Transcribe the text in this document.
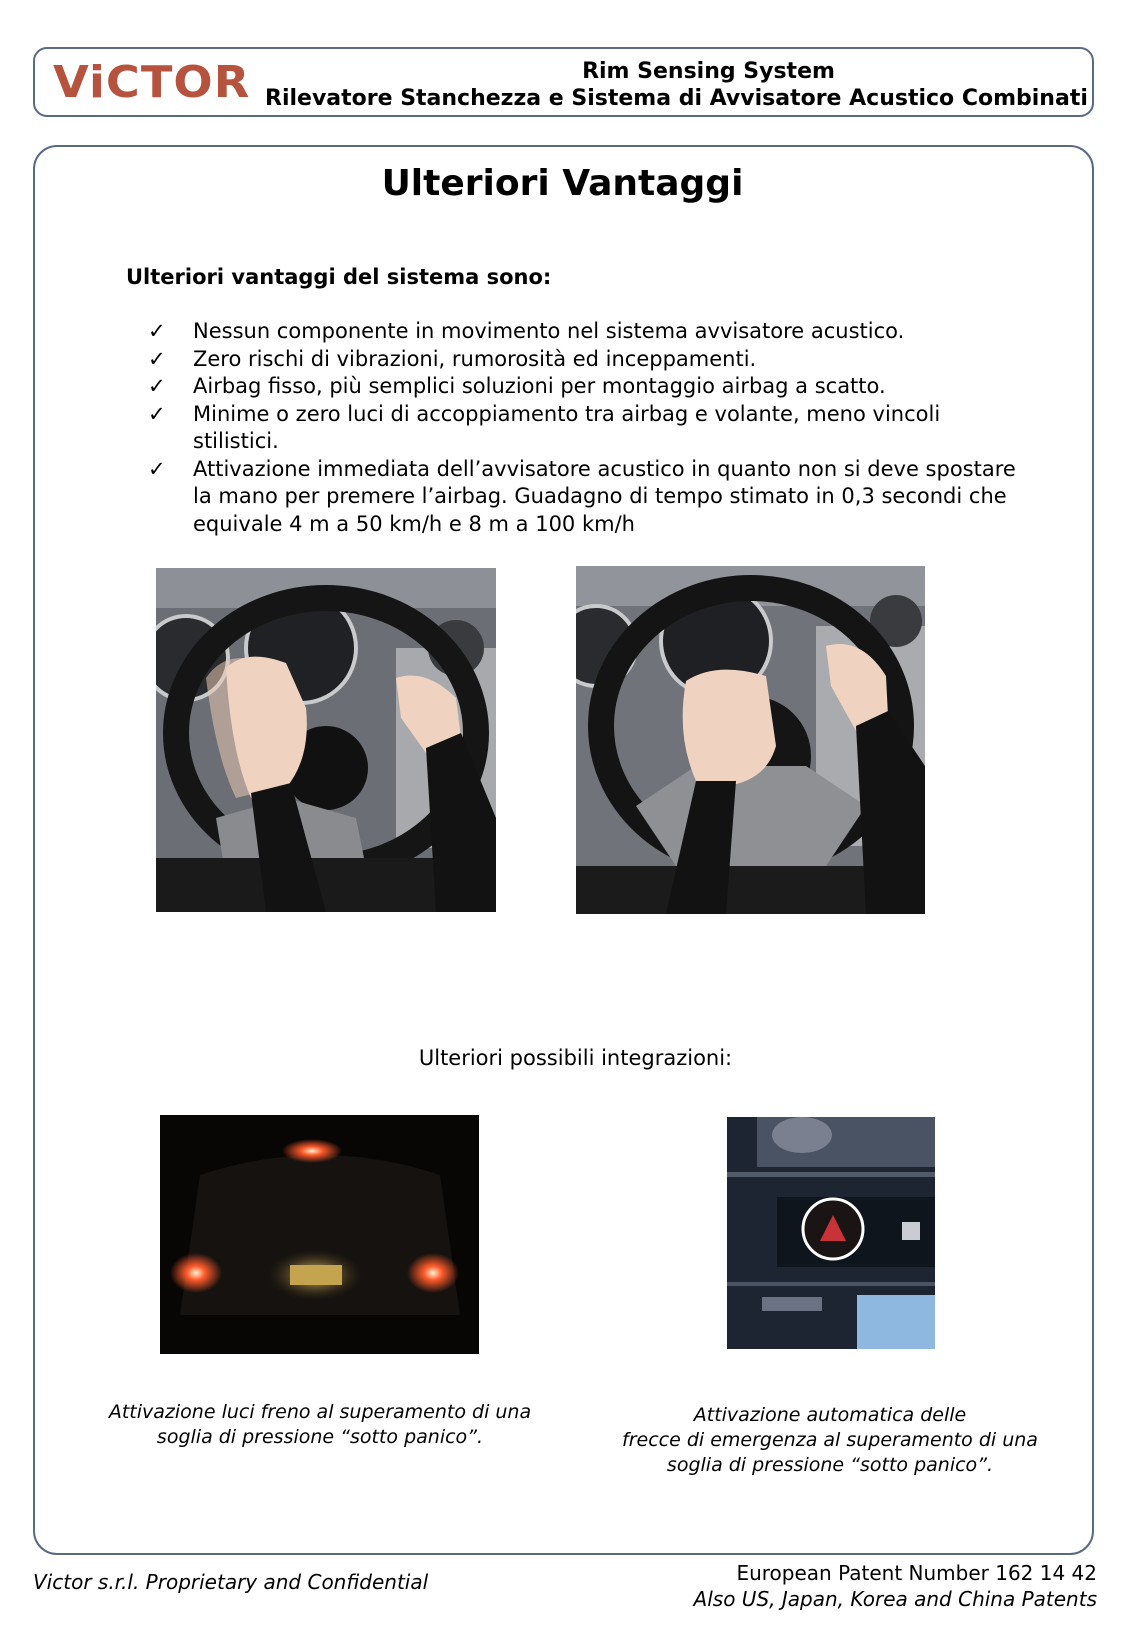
ViCTOR	Rim Sensing System
Rilevatore Stanchezza e Sistema di Avvisatore Acustico Combinati
Ulteriori Vantaggi
Ulteriori vantaggi del sistema sono:
✓ Nessun componente in movimento nel sistema avvisatore acustico.
✓ Zero rischi di vibrazioni, rumorosità ed inceppamenti.
✓ Airbag fisso, più semplici soluzioni per montaggio airbag a scatto.
✓ Minime o zero luci di accoppiamento tra airbag e volante, meno vincoli stilistici.
✓ Attivazione immediata dell’avvisatore acustico in quanto non si deve spostare la mano per premere l’airbag. Guadagno di tempo stimato in 0,3 secondi che equivale 4 m a 50 km/h e 8 m a 100 km/h
Ulteriori possibili integrazioni:
Attivazione luci freno al superamento di una
soglia di pressione “sotto panico”.
Attivazione automatica delle
frecce di emergenza al superamento di una
soglia di pressione “sotto panico”.
Victor s.r.l. Proprietary and Confidential	European Patent Number 162 14 42
Also US, Japan, Korea and China Patents
